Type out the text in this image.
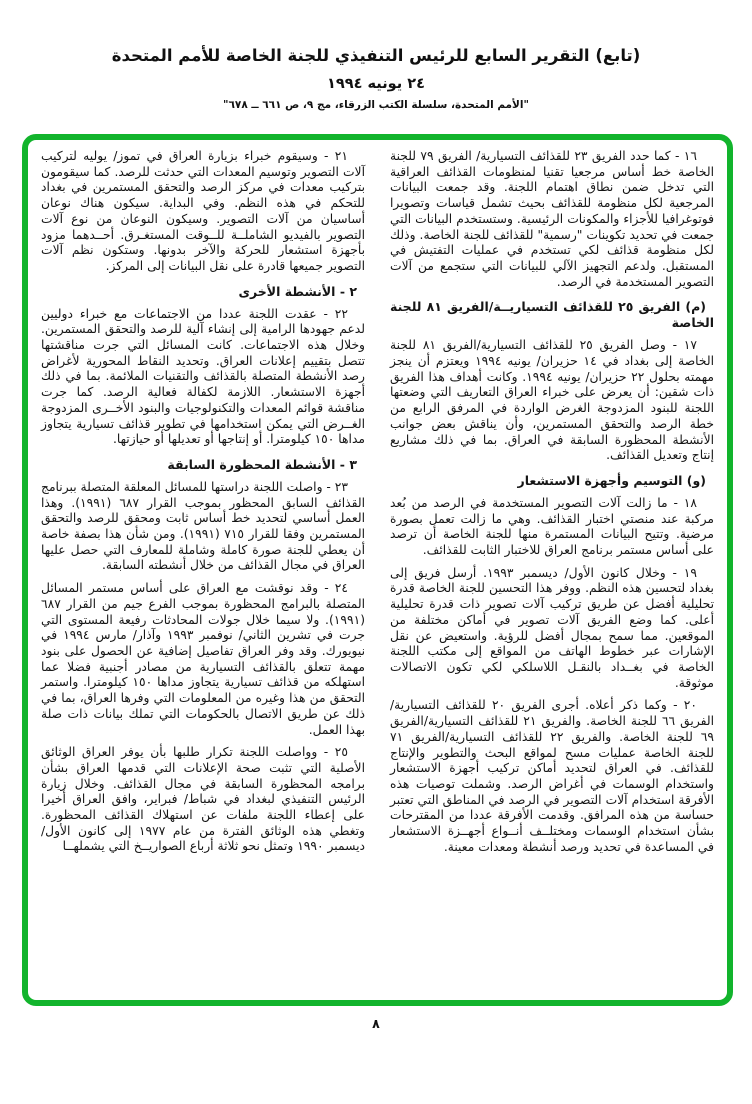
(تابع) التقرير السابع للرئيس التنفيذي للجنة الخاصة للأمم المتحدة
٢٤ يونيه ١٩٩٤
"الأمم المتحدة، سلسلة الكتب الزرقاء، مج ٩، ص ٦٦١ ــ ٦٧٨"

١٦ - كما حدد الفريق ٢٣ للقذائف التسيارية/ الفريق ٧٩ للجنة الخاصة خط أساس مرجعيا تقنيا لمنظومات القذائف العراقية التي تدخل ضمن نطاق اهتمام اللجنة. وقد جمعت البيانات المرجعية لكل منظومة للقذائف بحيث تشمل قياسات وتصويرا فوتوغرافيا للأجزاء والمكونات الرئيسية. وستستخدم البيانات التي جمعت في تحديد تكوينات "رسمية" للقذائف للجنة الخاصة. وذلك لكل منظومة قذائف لكي تستخدم في عمليات التفتيش في المستقبل. ولدعم التجهيز الآلي للبيانات التي ستجمع من آلات التصوير المستخدمة في الرصد.

(م) الفريق ٢٥ للقذائف التسياريــة/الفريق ٨١ للجنة الخاصة

١٧ - وصل الفريق ٢٥ للقذائف التسيارية/الفريق ٨١ للجنة الخاصة إلى بغداد في ١٤ حزيران/ يونيه ١٩٩٤ ويعتزم أن ينجز مهمته بحلول ٢٢ حزيران/ يونيه ١٩٩٤. وكانت أهداف هذا الفريق ذات شقين: أن يعرض على خبراء العراق التعاريف التي وضعتها اللجنة للبنود المزدوجة الغرض الواردة في المرفق الرابع من خطة الرصد والتحقق المستمرين، وأن يناقش بعض جوانب الأنشطة المحظورة السابقة في العراق. بما في ذلك مشاريع إنتاج وتعديل القذائف.

(و) التوسيم وأجهزة الاستشعار

١٨ - ما زالت آلات التصوير المستخدمة في الرصد من بُعد مركبة عند منصتي اختبار القذائف. وهي ما زالت تعمل بصورة مرضية. وتتيح البيانات المستمرة منها للجنة الخاصة أن ترصد على أساس مستمر برنامج العراق للاختبار الثابت للقذائف.

١٩ - وخلال كانون الأول/ ديسمبر ١٩٩٣. أرسل فريق إلى بغداد لتحسين هذه النظم. ووفر هذا التحسين للجنة الخاصة قدرة تحليلية أفضل عن طريق تركيب آلات تصوير ذات قدرة تحليلية أعلى. كما وضع الفريق آلات تصوير في أماكن مختلفة من الموقعين. مما سمح بمجال أفضل للرؤية. واستعيض عن نقل الإشارات عبر خطوط الهاتف من المواقع إلى مكتب اللجنة الخاصة في بغــداد بالنقـل اللاسلكي لكي تكون الاتصالات موثوقة.

٢٠ - وكما ذكر أعلاه. أجرى الفريق ٢٠ للقذائف التسيارية/الفريق ٦٦ للجنة الخاصة. والفريق ٢١ للقذائف التسيارية/الفريق ٦٩ للجنة الخاصة. والفريق ٢٢ للقذائف التسيارية/الفريق ٧١ للجنة الخاصة عمليات مسح لمواقع البحث والتطوير والإنتاج للقذائف. في العراق لتحديد أماكن تركيب أجهزة الاستشعار واستخدام الوسمات في أغراض الرصد. وشملت توصيات هذه الأفرقة استخدام آلات التصوير في الرصد في المناطق التي تعتبر حساسة من هذه المرافق. وقدمت الأفرقة عددا من المقترحات بشأن استخدام الوسمات ومختلــف أنــواع أجهــزة الاستشعار في المساعدة في تحديد ورصد أنشطة ومعدات معينة.

٢١ - وسيقوم خبراء بزيارة العراق في تموز/ يوليه لتركيب آلات التصوير وتوسيم المعدات التي حدثت للرصد. كما سيقومون بتركيب معدات في مركز الرصد والتحقق المستمرين في بغداد للتحكم في هذه النظم. وفي البداية. سيكون هناك نوعان أساسيان من آلات التصوير. وسيكون النوعان من نوع آلات التصوير بالفيديو الشاملــة للــوقت المستغـرق. أحــدهما مزود بأجهزة استشعار للحركة والآخر بدونها. وستكون نظم آلات التصوير جميعها قادرة على نقل البيانات إلى المركز.

٢ - الأنشطة الأخرى

٢٢ - عقدت اللجنة عددا من الاجتماعات مع خبراء دوليين لدعم جهودها الرامية إلى إنشاء آلية للرصد والتحقق المستمرين. وخلال هذه الاجتماعات. كانت المسائل التي جرت مناقشتها تتصل بتقييم إعلانات العراق. وتحديد النقاط المحورية لأغراض رصد الأنشطة المتصلة بالقذائف والتقنيات الملائمة. بما في ذلك أجهزة الاستشعار. اللازمة لكفالة فعالية الرصد. كما جرت مناقشة قوائم المعدات والتكنولوجيات والبنود الأخــرى المزدوجة الغــرض التي يمكن استخدامها في تطوير قذائف تسيارية يتجاوز مداها ١٥٠ كيلومترا. أو إنتاجها أو تعديلها أو حيازتها.

٣ - الأنشطة المحظورة السابقة

٢٣ - واصلت اللجنة دراستها للمسائل المعلقة المتصلة ببرنامج القذائف السابق المحظور بموجب القرار ٦٨٧ (١٩٩١). وهذا العمل أساسي لتحديد خط أساس ثابت ومحقق للرصد والتحقق المستمرين وفقا للقرار ٧١٥ (١٩٩١). ومن شأن هذا بصفة خاصة أن يعطي للجنة صورة كاملة وشاملة للمعارف التي حصل عليها العراق في مجال القذائف من خلال أنشطته السابقة.

٢٤ - وقد نوقشت مع العراق على أساس مستمر المسائل المتصلة بالبرامج المحظورة بموجب الفرع جيم من القرار ٦٨٧ (١٩٩١). ولا سيما خلال جولات المحادثات رفيعة المستوى التي جرت في تشرين الثاني/ نوفمبر ١٩٩٣ وآذار/ مارس ١٩٩٤ في نيويورك. وقد وفر العراق تفاصيل إضافية عن الحصول على بنود مهمة تتعلق بالقذائف التسيارية من مصادر أجنبية فضلا عما استهلكه من قذائف تسيارية يتجاوز مداها ١٥٠ كيلومترا. واستمر التحقق من هذا وغيره من المعلومات التي وفرها العراق، بما في ذلك عن طريق الاتصال بالحكومات التي تملك بيانات ذات صلة بهذا العمل.

٢٥ - وواصلت اللجنة تكرار طلبها بأن يوفر العراق الوثائق الأصلية التي تثبت صحة الإعلانات التي قدمها العراق بشأن برامجه المحظورة السابقة في مجال القذائف. وخلال زيارة الرئيس التنفيذي لبغداد في شباط/ فبراير، وافق العراق أخيرا على إعطاء اللجنة ملفات عن استهلاك القذائف المحظورة. وتغطي هذه الوثائق الفترة من عام ١٩٧٧ إلى كانون الأول/ ديسمبر ١٩٩٠ وتمثل نحو ثلاثة أرباع الصواريــخ التي يشملهــا

٨
